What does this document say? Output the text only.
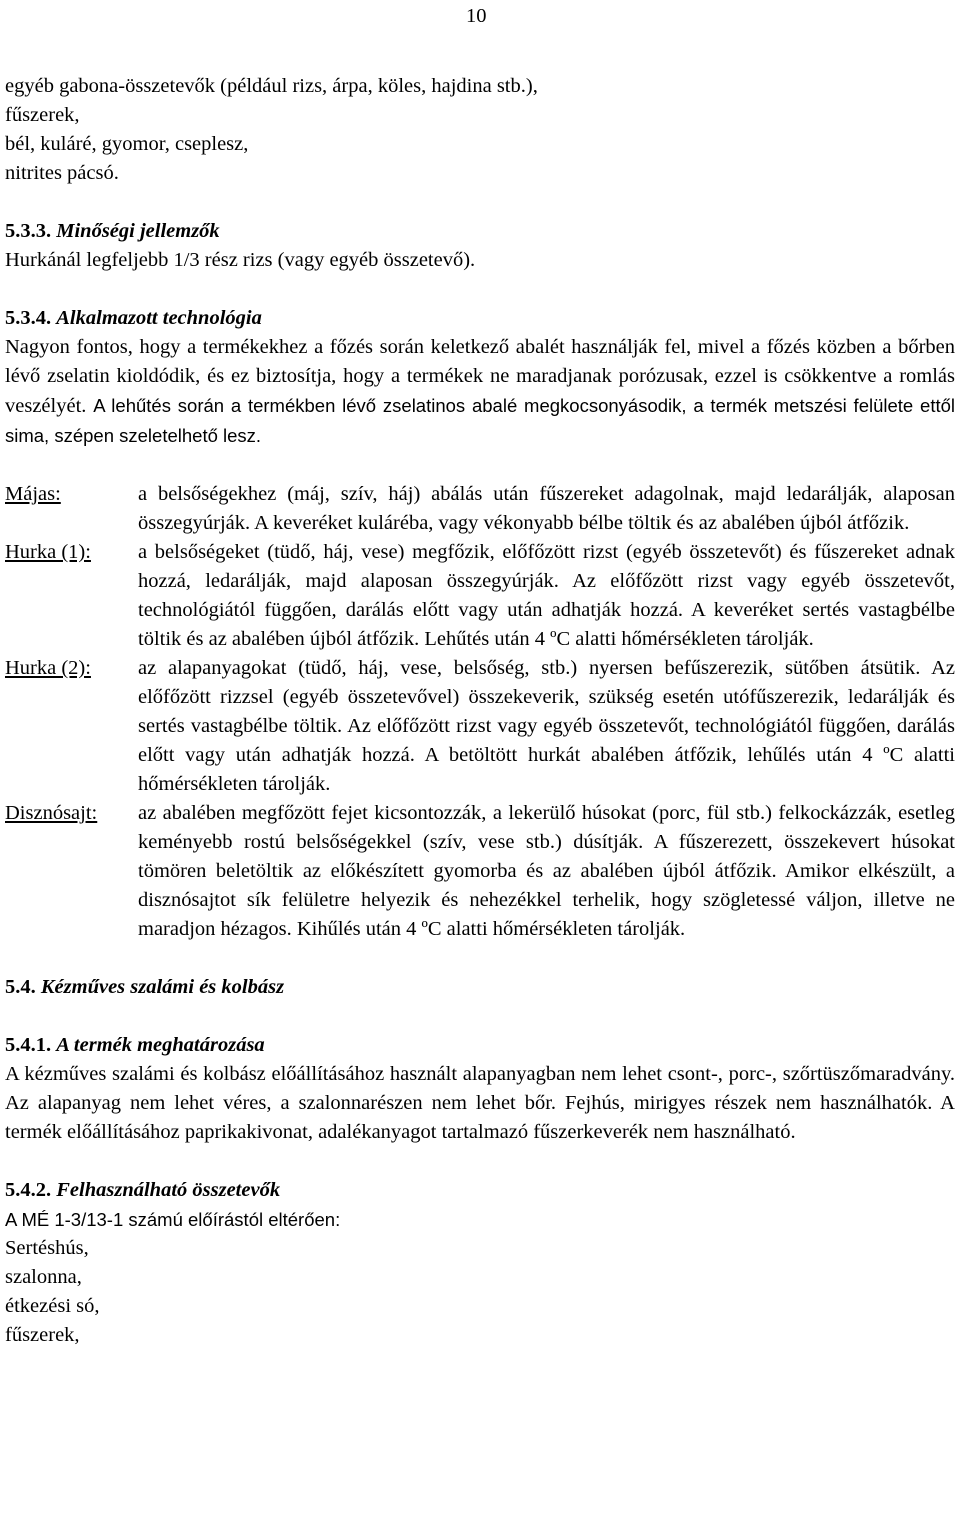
10
egyéb gabona-összetevők (például rizs, árpa, köles, hajdina stb.),
fűszerek,
bél, kuláré, gyomor, cseplesz,
nitrites pácsó.
5.3.3. Minőségi jellemzők
Hurkánál legfeljebb 1/3 rész rizs (vagy egyéb összetevő).
5.3.4. Alkalmazott technológia
Nagyon fontos, hogy a termékekhez a főzés során keletkező abalét használják fel, mivel a főzés közben a bőrben lévő zselatin kioldódik, és ez biztosítja, hogy a termékek ne maradjanak porózusak, ezzel is csökkentve a romlás veszélyét. A lehűtés során a termékben lévő zselatinos abalé megkocsonyásodik, a termék metszési felülete ettől sima, szépen szeletelhető lesz.
Májas:	a belsőségekhez (máj, szív, háj) abálás után fűszereket adagolnak, majd ledarálják, alaposan összegyúrják. A keveréket kuláréba, vagy vékonyabb bélbe töltik és az abalében újból átfőzik.
Hurka (1):	a belsőségeket (tüdő, háj, vese) megfőzik, előfőzött rizst (egyéb összetevőt) és fűszereket adnak hozzá, ledarálják, majd alaposan összegyúrják. Az előfőzött rizst vagy egyéb összetevőt, technológiától függően, darálás előtt vagy után adhatják hozzá. A keveréket sertés vastagbélbe töltik és az abalében újból átfőzik. Lehűtés után 4 ºC alatti hőmérsékleten tárolják.
Hurka (2):	az alapanyagokat (tüdő, háj, vese, belsőség, stb.) nyersen befűszerezik, sütőben átsütik. Az előfőzött rizzsel (egyéb összetevővel) összekeverik, szükség esetén utófűszerezik, ledarálják és sertés vastagbélbe töltik. Az előfőzött rizst vagy egyéb összetevőt, technológiától függően, darálás előtt vagy után adhatják hozzá. A betöltött hurkát abalében átfőzik, lehűlés után 4 ºC alatti hőmérsékleten tárolják.
Disznósajt:	az abalében megfőzött fejet kicsontozzák, a lekerülő húsokat (porc, fül stb.) felkockázzák, esetleg keményebb rostú belsőségekkel (szív, vese stb.) dúsítják. A fűszerezett, összekevert húsokat tömören beletöltik az előkészített gyomorba és az abalében újból átfőzik. Amikor elkészült, a disznósajtot sík felületre helyezik és nehezékkel terhelik, hogy szögletessé váljon, illetve ne maradjon hézagos. Kihűlés után 4 ºC alatti hőmérsékleten tárolják.
5.4. Kézműves szalámi és kolbász
5.4.1. A termék meghatározása
A kézműves szalámi és kolbász előállításához használt alapanyagban nem lehet csont-, porc-, szőrtüszőmaradvány. Az alapanyag nem lehet véres, a szalonnarészen nem lehet bőr. Fejhús, mirigyes részek nem használhatók. A termék előállításához paprikakivonat, adalékanyagot tartalmazó fűszerkeverék nem használható.
5.4.2. Felhasználható összetevők
A MÉ 1-3/13-1 számú előírástól eltérően:
Sertéshús,
szalonna,
étkezési só,
fűszerek,
